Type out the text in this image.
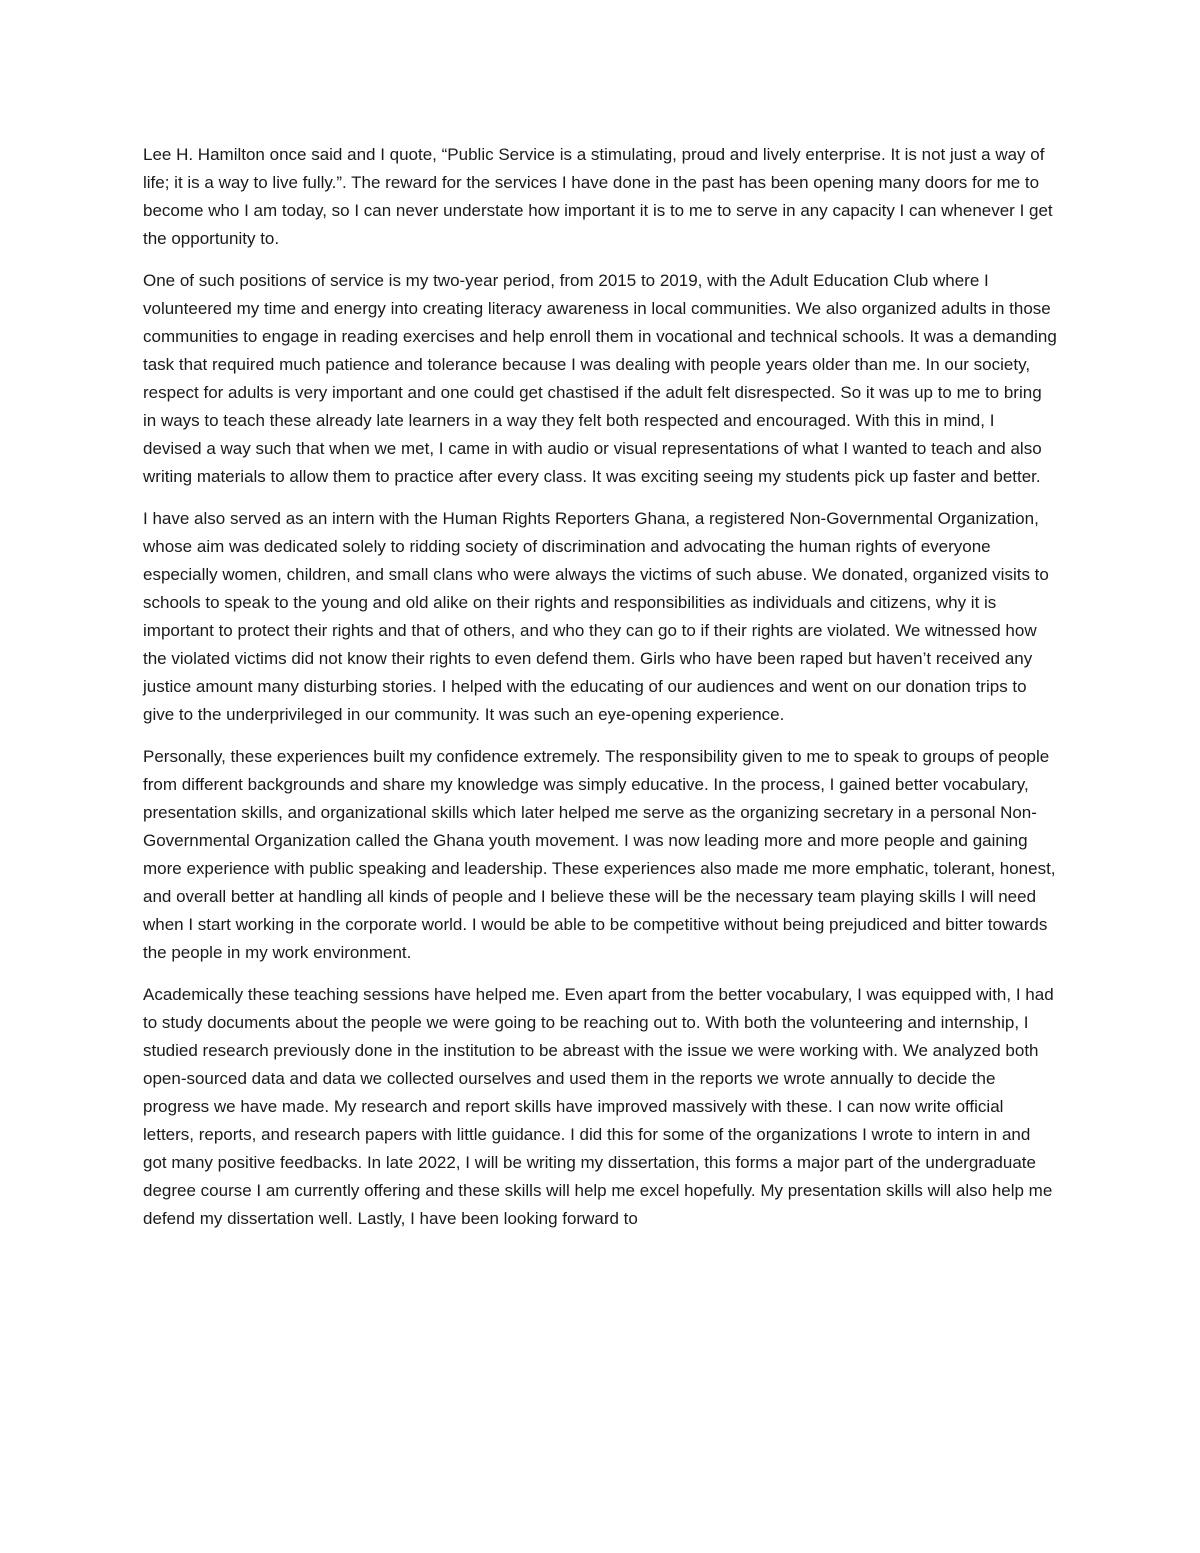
Lee H. Hamilton once said and I quote, “Public Service is a stimulating, proud and lively enterprise. It is not just a way of life; it is a way to live fully.”. The reward for the services I have done in the past has been opening many doors for me to become who I am today, so I can never understate how important it is to me to serve in any capacity I can whenever I get the opportunity to.

One of such positions of service is my two-year period, from 2015 to 2019, with the Adult Education Club where I volunteered my time and energy into creating literacy awareness in local communities. We also organized adults in those communities to engage in reading exercises and help enroll them in vocational and technical schools. It was a demanding task that required much patience and tolerance because I was dealing with people years older than me. In our society, respect for adults is very important and one could get chastised if the adult felt disrespected. So it was up to me to bring in ways to teach these already late learners in a way they felt both respected and encouraged. With this in mind, I devised a way such that when we met, I came in with audio or visual representations of what I wanted to teach and also writing materials to allow them to practice after every class. It was exciting seeing my students pick up faster and better.

I have also served as an intern with the Human Rights Reporters Ghana, a registered Non-Governmental Organization, whose aim was dedicated solely to ridding society of discrimination and advocating the human rights of everyone especially women, children, and small clans who were always the victims of such abuse. We donated, organized visits to schools to speak to the young and old alike on their rights and responsibilities as individuals and citizens, why it is important to protect their rights and that of others, and who they can go to if their rights are violated. We witnessed how the violated victims did not know their rights to even defend them. Girls who have been raped but haven’t received any justice amount many disturbing stories. I helped with the educating of our audiences and went on our donation trips to give to the underprivileged in our community. It was such an eye-opening experience.

Personally, these experiences built my confidence extremely. The responsibility given to me to speak to groups of people from different backgrounds and share my knowledge was simply educative. In the process, I gained better vocabulary, presentation skills, and organizational skills which later helped me serve as the organizing secretary in a personal Non-Governmental Organization called the Ghana youth movement. I was now leading more and more people and gaining more experience with public speaking and leadership. These experiences also made me more emphatic, tolerant, honest, and overall better at handling all kinds of people and I believe these will be the necessary team playing skills I will need when I start working in the corporate world. I would be able to be competitive without being prejudiced and bitter towards the people in my work environment.

Academically these teaching sessions have helped me. Even apart from the better vocabulary, I was equipped with, I had to study documents about the people we were going to be reaching out to. With both the volunteering and internship, I studied research previously done in the institution to be abreast with the issue we were working with. We analyzed both open-sourced data and data we collected ourselves and used them in the reports we wrote annually to decide the progress we have made. My research and report skills have improved massively with these. I can now write official letters, reports, and research papers with little guidance. I did this for some of the organizations I wrote to intern in and got many positive feedbacks. In late 2022, I will be writing my dissertation, this forms a major part of the undergraduate degree course I am currently offering and these skills will help me excel hopefully. My presentation skills will also help me defend my dissertation well. Lastly, I have been looking forward to
